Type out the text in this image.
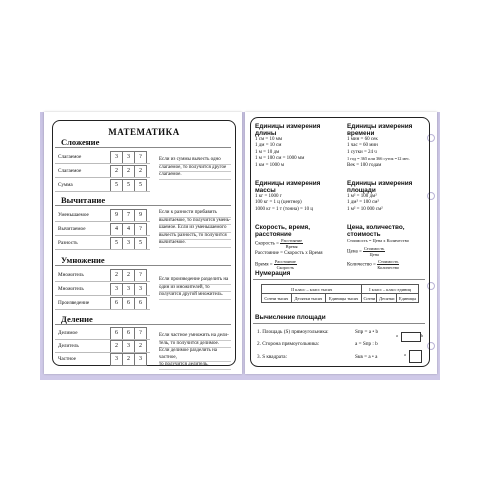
МАТЕМАТИКА
Сложение
Слагаемое	3	3	?
Слагаемое	2	2	2
Сумма	5	5	5
Если из суммы вычесть одно
слагаемое, то получится другое
слагаемое.
Вычитание
Уменьшаемое	9	7	9
Вычитаемое	4	4	?
Разность	5	3	5
Если к разности прибавить
вычитаемое, то получится умень-
шаемое. Если из уменьшаемого
вычесть разность, то получится
вычитаемое.
Умножение
Множитель	2	2	?
Множитель	3	3	3
Произведение	6	6	6
Если произведение разделить на
один из множителей, то
получится другой множитель.
Деление
Делимое	6	6	?
Делитель	2	3	2
Частное	3	2	3
Если частное умножить на дели-
тель, то получится делимое.
Если делимое разделить на частное,
то получится делитель.
Единицы измерения
длины
1 см = 10 мм
1 дм = 10 см
1 м = 10 дм
1 м = 100 см = 1000 мм
1 км = 1000 м
Единицы измерения
времени
1 мин = 60 сек
1 час = 60 мин
1 сутки = 24 ч
1 год = 365 или 366 суток =12 мес.
Век = 100 годам
Единицы измерения
массы
1 кг = 1000 г
100 кг = 1 ц (центнер)
1000 кг = 1 т (тонна) = 10 ц
Единицы измерения
площади
1 м² = 100 дм²
1 дм² = 100 см²
1 м² = 10 000 см²
Скорость, время,
расстояние
Скорость = $\frac{\text{Расстояние}}{\text{Время}}$
Расстояние = Скорость х Время
Время = $\frac{\text{Расстояние}}{\text{Скорость}}$
Цена, количество,
стоимость
Стоимость = Цена х Количество
Цена = $\frac{\text{Стоимость}}{\text{Цена}}$
Количество = $\frac{\text{Стоимость}}{\text{Количество}}$
Нумерация
II класс – класс тысяч			I класс – класс единиц		
Сотни тысяч	Десятки тысяч	Единицы тысяч	Сотни	Десятки	Единицы
Вычисление площади
1. Площадь (S) прямоугольника:	Sпр = a • b
2. Сторона прямоугольника:	a = Sпр : b
3. S квадрата:	Sкв = a • a
a	b
a
